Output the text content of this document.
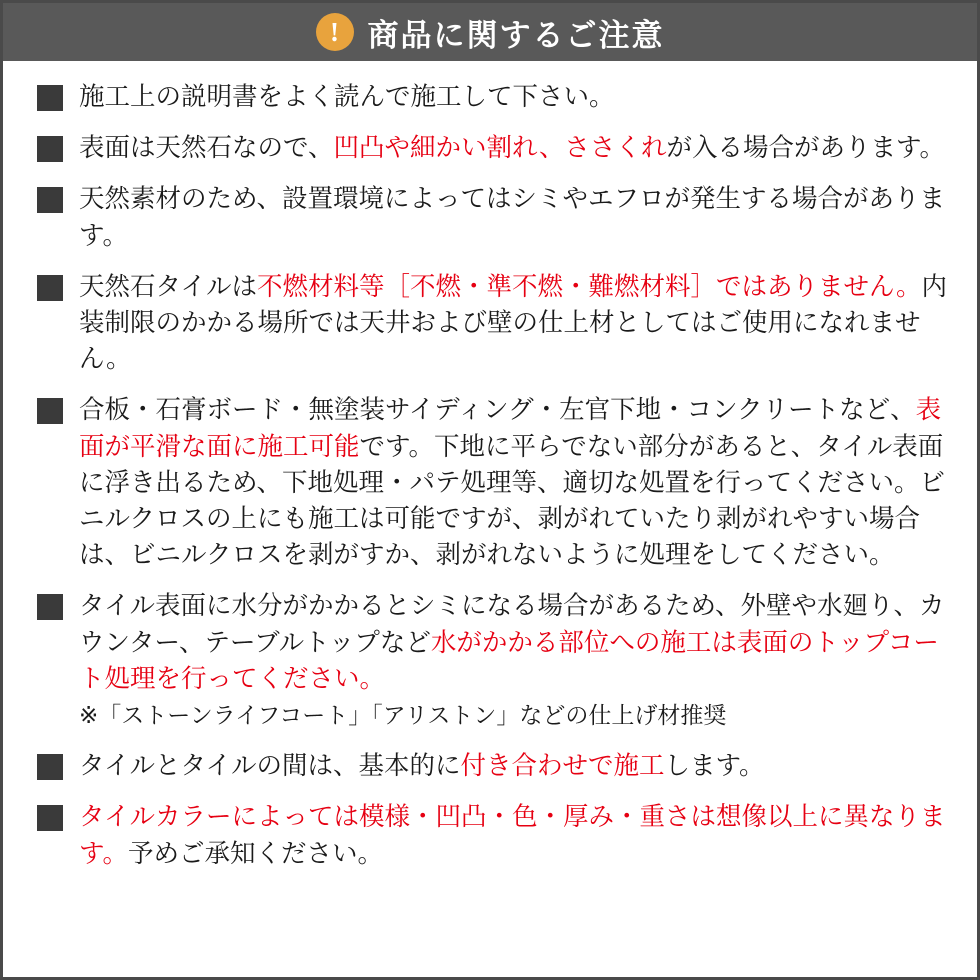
! 商品に関するご注意
施工上の説明書をよく読んで施工して下さい。
表面は天然石なので、凹凸や細かい割れ、ささくれが入る場合があります。
天然素材のため、設置環境によってはシミやエフロが発生する場合があります。
天然石タイルは不燃材料等［不燃・準不燃・難燃材料］ではありません。内装制限のかかる場所では天井および壁の仕上材としてはご使用になれません。
合板・石膏ボード・無塗装サイディング・左官下地・コンクリートなど、表面が平滑な面に施工可能です。下地に平らでない部分があると、タイル表面に浮き出るため、下地処理・パテ処理等、適切な処置を行ってください。ビニルクロスの上にも施工は可能ですが、剥がれていたり剥がれやすい場合は、ビニルクロスを剥がすか、剥がれないように処理をしてください。
タイル表面に水分がかかるとシミになる場合があるため、外壁や水廻り、カウンター、テーブルトップなど水がかかる部位への施工は表面のトップコート処理を行ってください。
※「ストーンライフコート」「アリストン」などの仕上げ材推奨
タイルとタイルの間は、基本的に付き合わせで施工します。
タイルカラーによっては模様・凹凸・色・厚み・重さは想像以上に異なります。予めご承知ください。
